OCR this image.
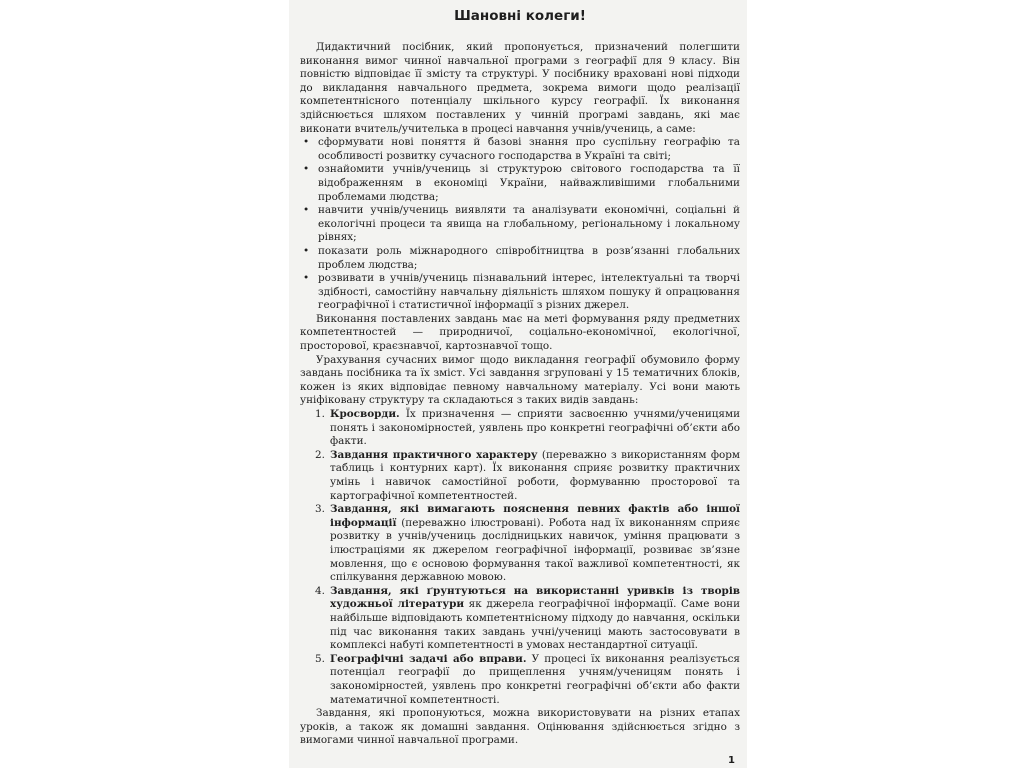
Шановні колеги!

Дидактичний посібник, який пропонується, призначений полегшити виконання вимог чинної навчальної програми з географії для 9 класу. Він повністю відповідає її змісту та структурі. У посібнику враховані нові підходи до викладання навчального предмета, зокрема вимоги щодо реалізації компетентнісного потенціалу шкільного курсу географії. Їх виконання здійснюється шляхом поставлених у чинній програмі завдань, які має виконати вчитель/учителька в процесі навчання учнів/учениць, а саме:

• сформувати нові поняття й базові знання про суспільну географію та особливості розвитку сучасного господарства в Україні та світі;
• ознайомити учнів/учениць зі структурою світового господарства та її відображенням в економіці України, найважливішими глобальними проблемами людства;
• навчити учнів/учениць виявляти та аналізувати економічні, соціальні й екологічні процеси та явища на глобальному, регіональному і локальному рівнях;
• показати роль міжнародного співробітництва в розв’язанні глобальних проблем людства;
• розвивати в учнів/учениць пізнавальний інтерес, інтелектуальні та творчі здібності, самостійну навчальну діяльність шляхом пошуку й опрацювання географічної і статистичної інформації з різних джерел.

Виконання поставлених завдань має на меті формування ряду предметних компетентностей — природничої, соціально-економічної, екологічної, просторової, краєзнавчої, картознавчої тощо.

Урахування сучасних вимог щодо викладання географії обумовило форму завдань посібника та їх зміст. Усі завдання згруповані у 15 тематичних блоків, кожен із яких відповідає певному навчальному матеріалу. Усі вони мають уніфіковану структуру та складаються з таких видів завдань:

1. Кросворди. Їх призначення — сприяти засвоєнню учнями/ученицями понять і закономірностей, уявлень про конкретні географічні об’єкти або факти.
2. Завдання практичного характеру (переважно з використанням форм таблиць і контурних карт). Їх виконання сприяє розвитку практичних умінь і навичок самостійної роботи, формуванню просторової та картографічної компетентностей.
3. Завдання, які вимагають пояснення певних фактів або іншої інформації (переважно ілюстровані). Робота над їх виконанням сприяє розвитку в учнів/учениць дослідницьких навичок, уміння працювати з ілюстраціями як джерелом географічної інформації, розвиває зв’язне мовлення, що є основою формування такої важливої компетентності, як спілкування державною мовою.
4. Завдання, які ґрунтуються на використанні уривків із творів художньої літератури як джерела географічної інформації. Саме вони найбільше відповідають компетентнісному підходу до навчання, оскільки під час виконання таких завдань учні/учениці мають застосовувати в комплексі набуті компетентності в умовах нестандартної ситуації.
5. Географічні задачі або вправи. У процесі їх виконання реалізується потенціал географії до прищеплення учням/ученицям понять і закономірностей, уявлень про конкретні географічні об’єкти або факти математичної компетентності.

Завдання, які пропонуються, можна використовувати на різних етапах уроків, а також як домашні завдання. Оцінювання здійснюється згідно з вимогами чинної навчальної програми.

1
